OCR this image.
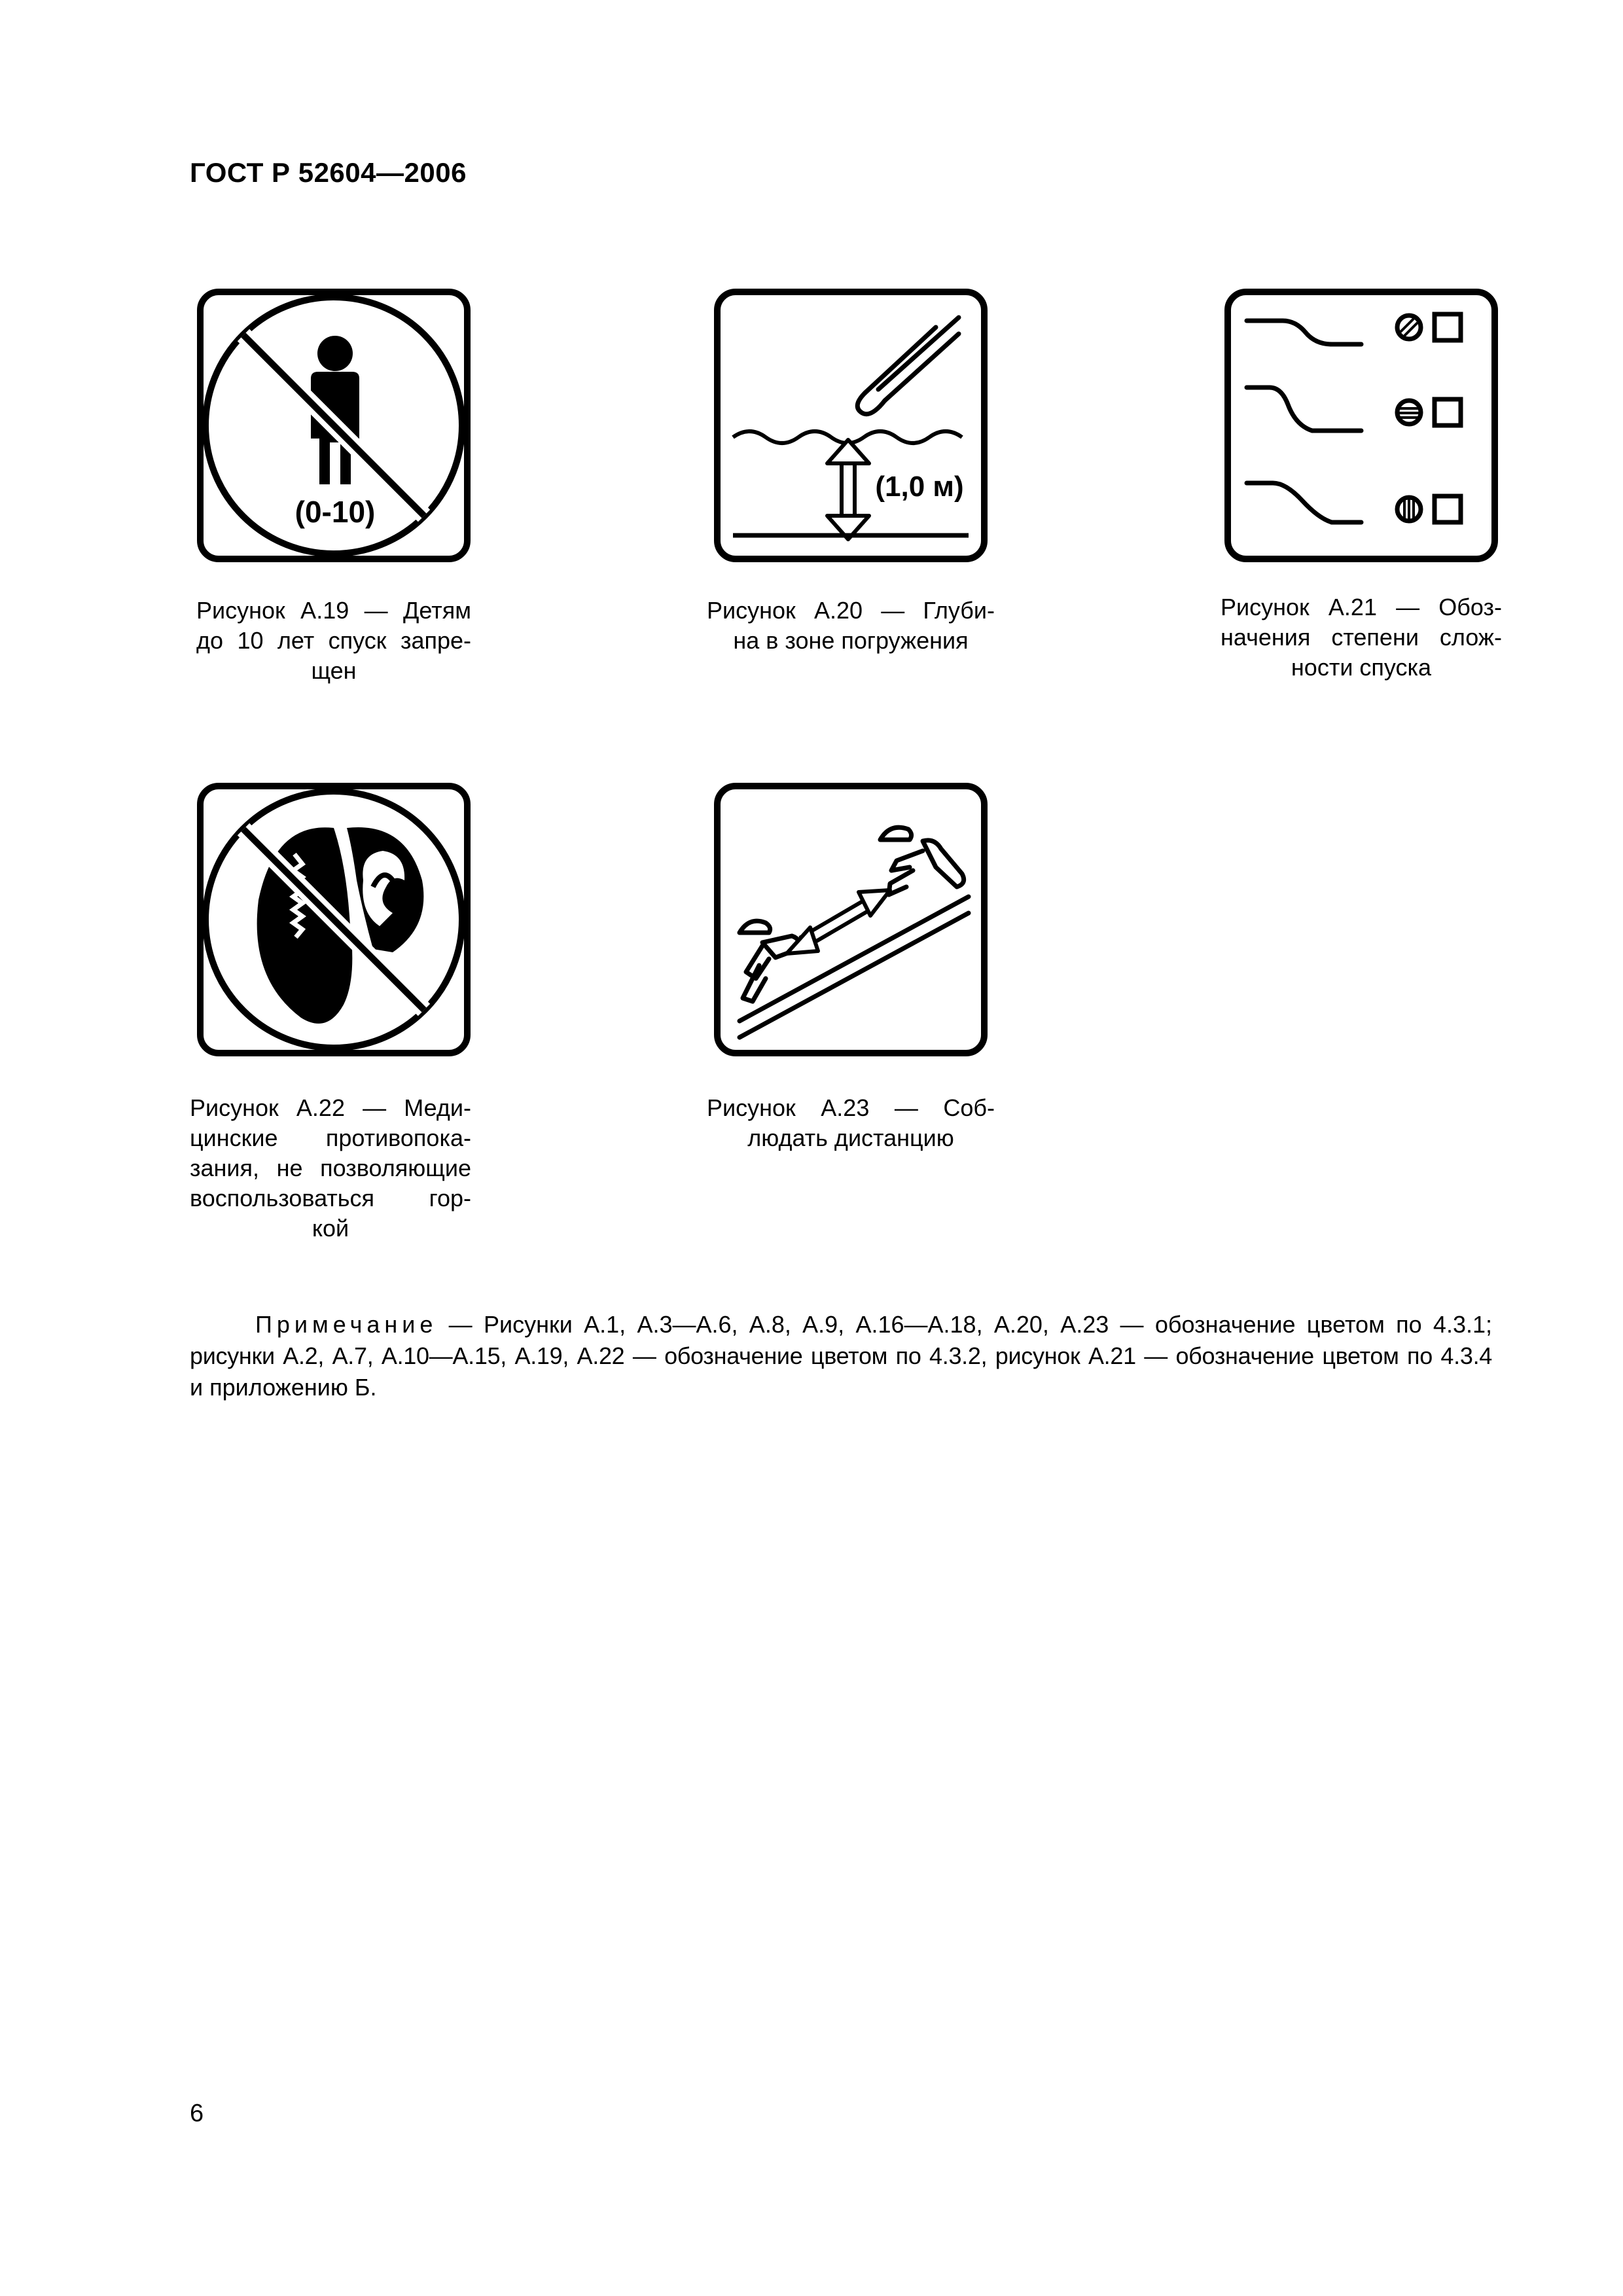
ГОСТ Р 52604—2006
(0-10)
Рисунок А.19 — Детям
до 10 лет спуск запре-
щен
(1,0 м)
Рисунок А.20 — Глуби-
на в зоне погружения
Рисунок А.21 — Обоз-
начения степени слож-
ности спуска
Рисунок А.22 — Меди-
цинские противопока-
зания, не позволяющие
воспользоваться гор-
кой
Рисунок А.23 — Соб-
людать дистанцию
Примечание — Рисунки А.1, А.3—А.6, А.8, А.9, А.16—А.18, А.20, А.23 — обозначение цветом по 4.3.1;
рисунки А.2, А.7, А.10—А.15, А.19, А.22 — обозначение цветом по 4.3.2, рисунок А.21 — обозначение цветом по 4.3.4
и приложению Б.
6
